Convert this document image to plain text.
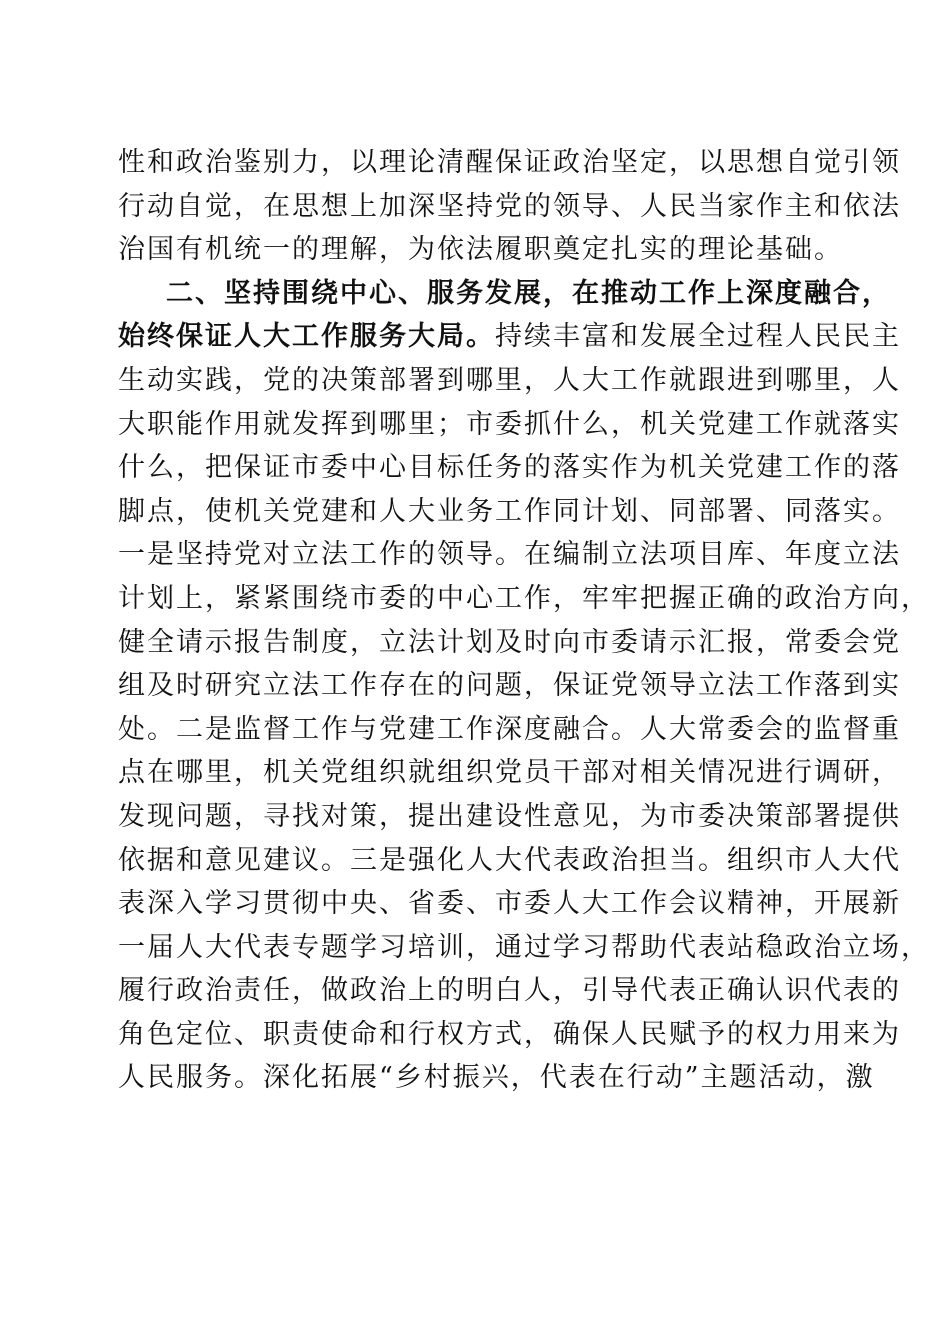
性和政治鉴别力，以理论清醒保证政治坚定，以思想自觉引领
行动自觉，在思想上加深坚持党的领导、人民当家作主和依法
治国有机统一的理解，为依法履职奠定扎实的理论基础。
二、坚持围绕中心、服务发展，在推动工作上深度融合，
始终保证人大工作服务大局。持续丰富和发展全过程人民民主
生动实践，党的决策部署到哪里，人大工作就跟进到哪里，人
大职能作用就发挥到哪里；市委抓什么，机关党建工作就落实
什么，把保证市委中心目标任务的落实作为机关党建工作的落
脚点，使机关党建和人大业务工作同计划、同部署、同落实。
一是坚持党对立法工作的领导。在编制立法项目库、年度立法
计划上，紧紧围绕市委的中心工作，牢牢把握正确的政治方向，
健全请示报告制度，立法计划及时向市委请示汇报，常委会党
组及时研究立法工作存在的问题，保证党领导立法工作落到实
处。二是监督工作与党建工作深度融合。人大常委会的监督重
点在哪里，机关党组织就组织党员干部对相关情况进行调研，
发现问题，寻找对策，提出建设性意见，为市委决策部署提供
依据和意见建议。三是强化人大代表政治担当。组织市人大代
表深入学习贯彻中央、省委、市委人大工作会议精神，开展新
一届人大代表专题学习培训，通过学习帮助代表站稳政治立场，
履行政治责任，做政治上的明白人，引导代表正确认识代表的
角色定位、职责使命和行权方式，确保人民赋予的权力用来为
人民服务。深化拓展“乡村振兴，代表在行动”主题活动，激
